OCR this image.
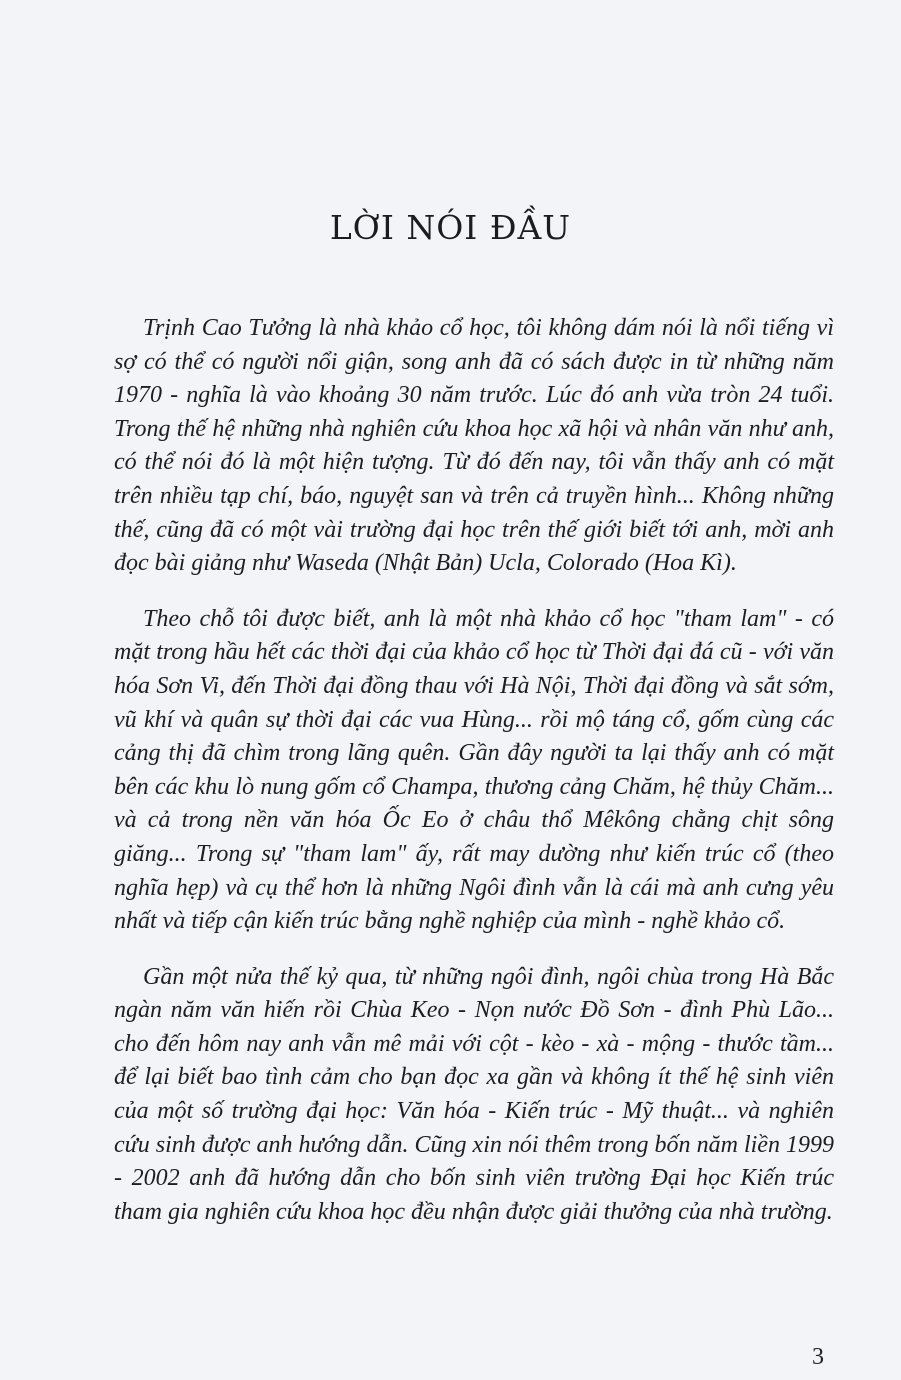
LỜI NÓI ĐẦU

Trịnh Cao Tưởng là nhà khảo cổ học, tôi không dám nói là nổi tiếng vì sợ có thể có người nổi giận, song anh đã có sách được in từ những năm 1970 - nghĩa là vào khoảng 30 năm trước. Lúc đó anh vừa tròn 24 tuổi. Trong thế hệ những nhà nghiên cứu khoa học xã hội và nhân văn như anh, có thể nói đó là một hiện tượng. Từ đó đến nay, tôi vẫn thấy anh có mặt trên nhiều tạp chí, báo, nguyệt san và trên cả truyền hình... Không những thế, cũng đã có một vài trường đại học trên thế giới biết tới anh, mời anh đọc bài giảng như Waseda (Nhật Bản) Ucla, Colorado (Hoa Kì).

Theo chỗ tôi được biết, anh là một nhà khảo cổ học "tham lam" - có mặt trong hầu hết các thời đại của khảo cổ học từ Thời đại đá cũ - với văn hóa Sơn Vi, đến Thời đại đồng thau với Hà Nội, Thời đại đồng và sắt sớm, vũ khí và quân sự thời đại các vua Hùng... rồi mộ táng cổ, gốm cùng các cảng thị đã chìm trong lãng quên. Gần đây người ta lại thấy anh có mặt bên các khu lò nung gốm cổ Champa, thương cảng Chăm, hệ thủy Chăm... và cả trong nền văn hóa Ốc Eo ở châu thổ Mêkông chằng chịt sông giăng... Trong sự "tham lam" ấy, rất may dường như kiến trúc cổ (theo nghĩa hẹp) và cụ thể hơn là những Ngôi đình vẫn là cái mà anh cưng yêu nhất và tiếp cận kiến trúc bằng nghề nghiệp của mình - nghề khảo cổ.

Gần một nửa thế kỷ qua, từ những ngôi đình, ngôi chùa trong Hà Bắc ngàn năm văn hiến rồi Chùa Keo - Nọn nước Đồ Sơn - đình Phù Lão... cho đến hôm nay anh vẫn mê mải với cột - kèo - xà - mộng - thước tầm... để lại biết bao tình cảm cho bạn đọc xa gần và không ít thế hệ sinh viên của một số trường đại học: Văn hóa - Kiến trúc - Mỹ thuật... và nghiên cứu sinh được anh hướng dẫn. Cũng xin nói thêm trong bốn năm liền 1999 - 2002 anh đã hướng dẫn cho bốn sinh viên trường Đại học Kiến trúc tham gia nghiên cứu khoa học đều nhận được giải thưởng của nhà trường.

3
